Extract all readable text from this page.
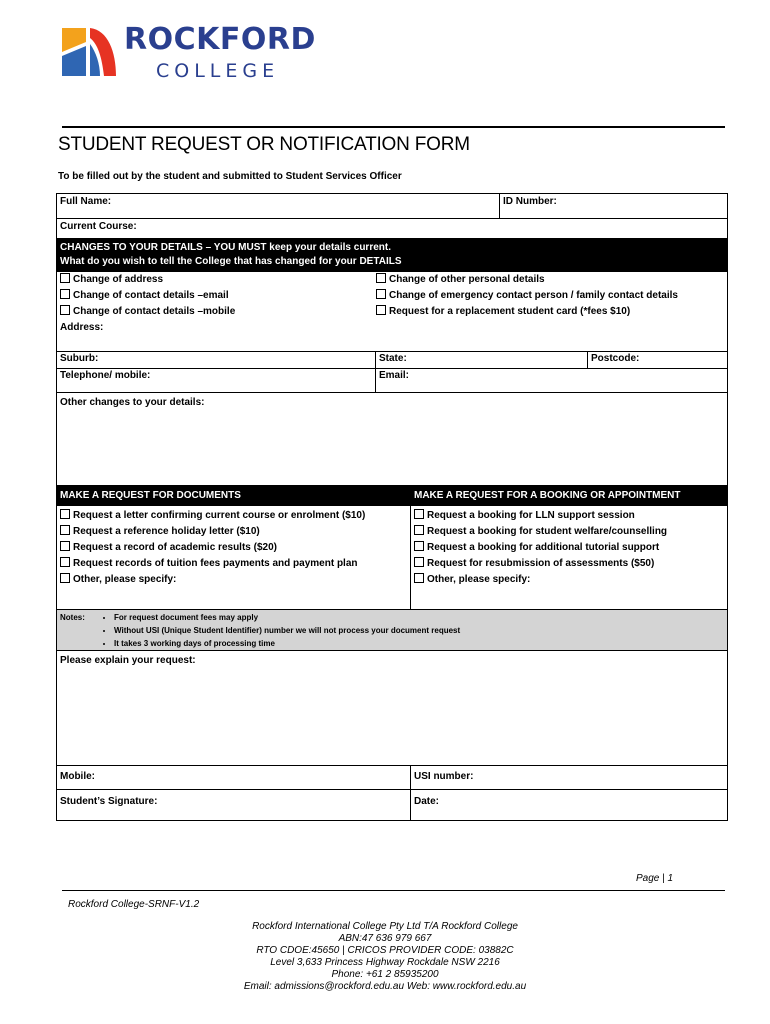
ROCKFORD
COLLEGE
STUDENT REQUEST OR NOTIFICATION FORM
To be filled out by the student and submitted to Student Services Officer
Full Name:	ID Number:
Current Course:
CHANGES TO YOUR DETAILS – YOU MUST keep your details current.
What do you wish to tell the College that has changed for your DETAILS
Change of address
Change of contact details –email
Change of contact details –mobile
Change of other personal details
Change of emergency contact person / family contact details
Request for a replacement student card (*fees $10)
Address:
Suburb:	State:	Postcode:
Telephone/ mobile:	Email:
Other changes to your details:
MAKE A REQUEST FOR DOCUMENTS
Request a letter confirming current course or enrolment ($10)
Request a reference holiday letter ($10)
Request a record of academic results ($20)
Request records of tuition fees payments and payment plan
Other, please specify:
MAKE A REQUEST FOR A BOOKING OR APPOINTMENT
Request a booking for LLN support session
Request a booking for student welfare/counselling
Request a booking for additional tutorial support
Request for resubmission of assessments ($50)
Other, please specify:
Notes:
•	For request document fees may apply
• Without USI (Unique Student Identifier) number we will not process your document request
• It takes 3 working days of processing time
Please explain your request:
Mobile:	USI number:
Student’s Signature:	Date:
Page | 1
Rockford College-SRNF-V1.2
Rockford International College Pty Ltd T/A Rockford College
ABN:47 636 979 667
RTO CDOE:45650 | CRICOS PROVIDER CODE: 03882C
Level 3,633 Princess Highway Rockdale NSW 2216
Phone: +61 2 85935200
Email: admissions@rockford.edu.au Web: www.rockford.edu.au
